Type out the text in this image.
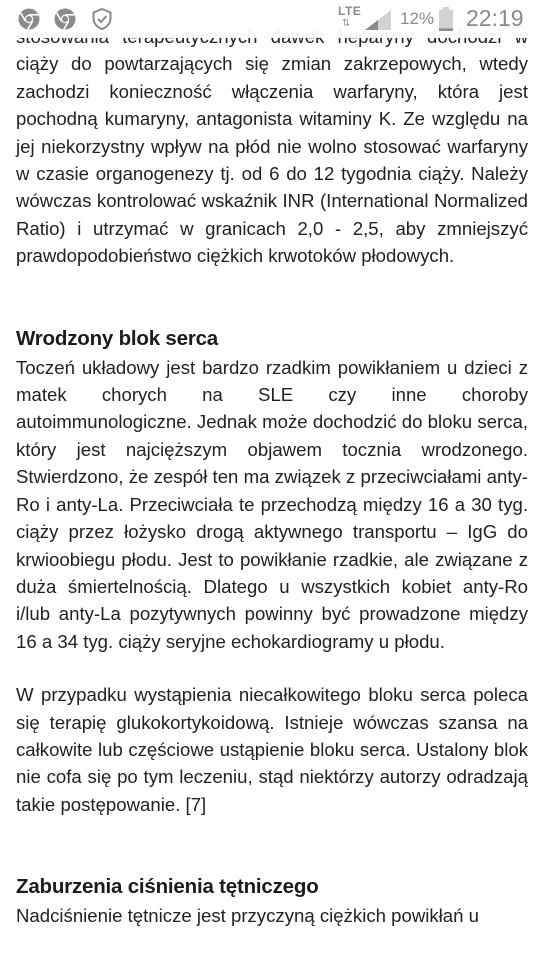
LTE
⇅	12% 22:19

ciąży do powtarzających się zmian zakrzepowych, wtedy zachodzi konieczność włączenia warfaryny, która jest pochodną kumaryny, antagonista witaminy K. Ze względu na jej niekorzystny wpływ na płód nie wolno stosować warfaryny w czasie organogenezy tj. od 6 do 12 tygodnia ciąży. Należy wówczas kontrolować wskaźnik INR (International Normalized Ratio) i utrzymać w granicach 2,0 - 2,5, aby zmniejszyć prawdopodobieństwo ciężkich krwotoków płodowych.

Wrodzony blok serca

Toczeń układowy jest bardzo rzadkim powikłaniem u dzieci z matek chorych na SLE czy inne choroby autoimmunologiczne. Jednak może dochodzić do bloku serca, który jest najcięższym objawem tocznia wrodzonego. Stwierdzono, że zespół ten ma związek z przeciwciałami anty-Ro i anty-La. Przeciwciała te przechodzą między 16 a 30 tyg. ciąży przez łożysko drogą aktywnego transportu – IgG do krwioobiegu płodu. Jest to powikłanie rzadkie, ale związane z duża śmiertelnością. Dlatego u wszystkich kobiet anty-Ro i/lub anty-La pozytywnych powinny być prowadzone między 16 a 34 tyg. ciąży seryjne echokardiogramy u płodu.

W przypadku wystąpienia niecałkowitego bloku serca poleca się terapię glukokortykoidową. Istnieje wówczas szansa na całkowite lub częściowe ustąpienie bloku serca. Ustalony blok nie cofa się po tym leczeniu, stąd niektórzy autorzy odradzają takie postępowanie. [7]

Zaburzenia ciśnienia tętniczego

Nadciśnienie tętnicze jest przyczyną ciężkich powikłań u
